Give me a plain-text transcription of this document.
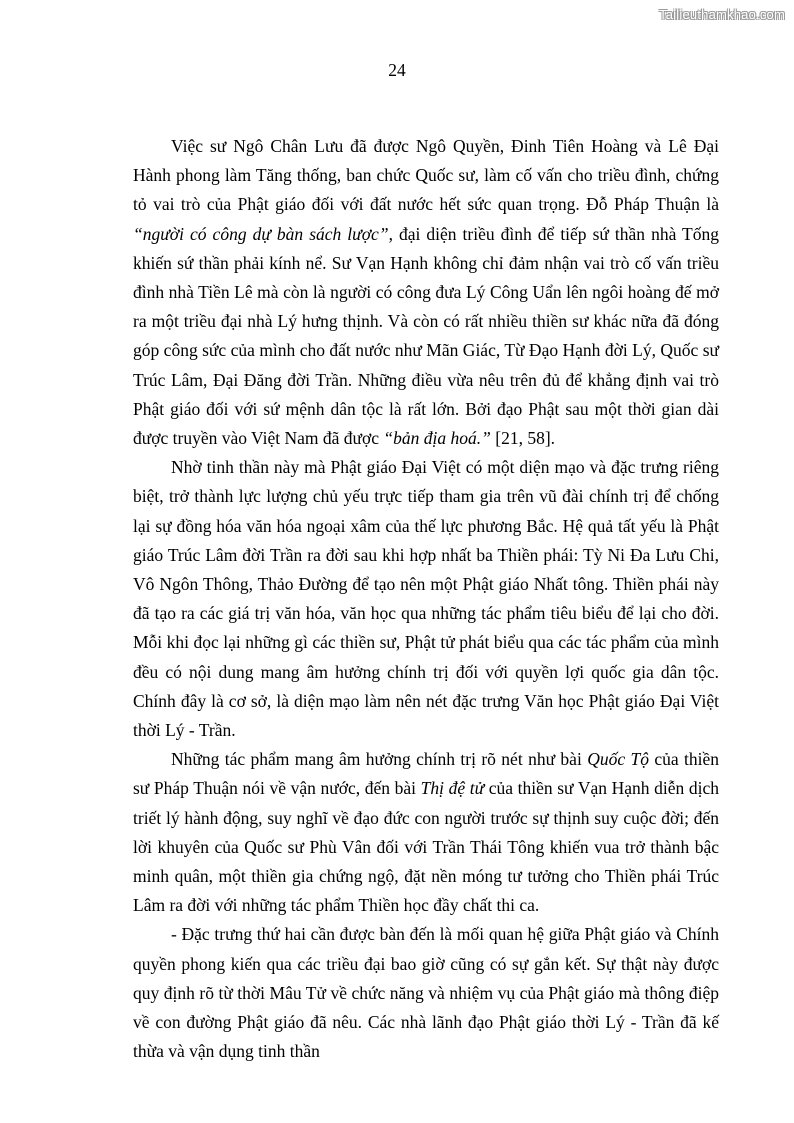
Tailieuthamkhao.com
24

Việc sư Ngô Chân Lưu đã được Ngô Quyền, Đinh Tiên Hoàng và Lê Đại Hành phong làm Tăng thống, ban chức Quốc sư, làm cố vấn cho triều đình, chứng tỏ vai trò của Phật giáo đối với đất nước hết sức quan trọng. Đỗ Pháp Thuận là “người có công dự bàn sách lược”, đại diện triều đình để tiếp sứ thần nhà Tống khiến sứ thần phải kính nể. Sư Vạn Hạnh không chỉ đảm nhận vai trò cố vấn triều đình nhà Tiền Lê mà còn là người có công đưa Lý Công Uẩn lên ngôi hoàng đế mở ra một triều đại nhà Lý hưng thịnh. Và còn có rất nhiều thiền sư khác nữa đã đóng góp công sức của mình cho đất nước như Mãn Giác, Từ Đạo Hạnh đời Lý, Quốc sư Trúc Lâm, Đại Đăng đời Trần. Những điều vừa nêu trên đủ để khẳng định vai trò Phật giáo đối với sứ mệnh dân tộc là rất lớn. Bởi đạo Phật sau một thời gian dài được truyền vào Việt Nam đã được “bản địa hoá.” [21, 58].

Nhờ tinh thần này mà Phật giáo Đại Việt có một diện mạo và đặc trưng riêng biệt, trở thành lực lượng chủ yếu trực tiếp tham gia trên vũ đài chính trị để chống lại sự đồng hóa văn hóa ngoại xâm của thế lực phương Bắc. Hệ quả tất yếu là Phật giáo Trúc Lâm đời Trần ra đời sau khi hợp nhất ba Thiền phái: Tỳ Ni Đa Lưu Chi, Vô Ngôn Thông, Thảo Đường để tạo nên một Phật giáo Nhất tông. Thiền phái này đã tạo ra các giá trị văn hóa, văn học qua những tác phẩm tiêu biểu để lại cho đời. Mỗi khi đọc lại những gì các thiền sư, Phật tử phát biểu qua các tác phẩm của mình đều có nội dung mang âm hưởng chính trị đối với quyền lợi quốc gia dân tộc. Chính đây là cơ sở, là diện mạo làm nên nét đặc trưng Văn học Phật giáo Đại Việt thời Lý - Trần.

Những tác phẩm mang âm hưởng chính trị rõ nét như bài Quốc Tộ của thiền sư Pháp Thuận nói về vận nước, đến bài Thị đệ tử của thiền sư Vạn Hạnh diễn dịch triết lý hành động, suy nghĩ về đạo đức con người trước sự thịnh suy cuộc đời; đến lời khuyên của Quốc sư Phù Vân đối với Trần Thái Tông khiến vua trở thành bậc minh quân, một thiền gia chứng ngộ, đặt nền móng tư tưởng cho Thiền phái Trúc Lâm ra đời với những tác phẩm Thiền học đầy chất thi ca.

- Đặc trưng thứ hai cần được bàn đến là mối quan hệ giữa Phật giáo và Chính quyền phong kiến qua các triều đại bao giờ cũng có sự gắn kết. Sự thật này được quy định rõ từ thời Mâu Tử về chức năng và nhiệm vụ của Phật giáo mà thông điệp về con đường Phật giáo đã nêu. Các nhà lãnh đạo Phật giáo thời Lý - Trần đã kế thừa và vận dụng tinh thần
